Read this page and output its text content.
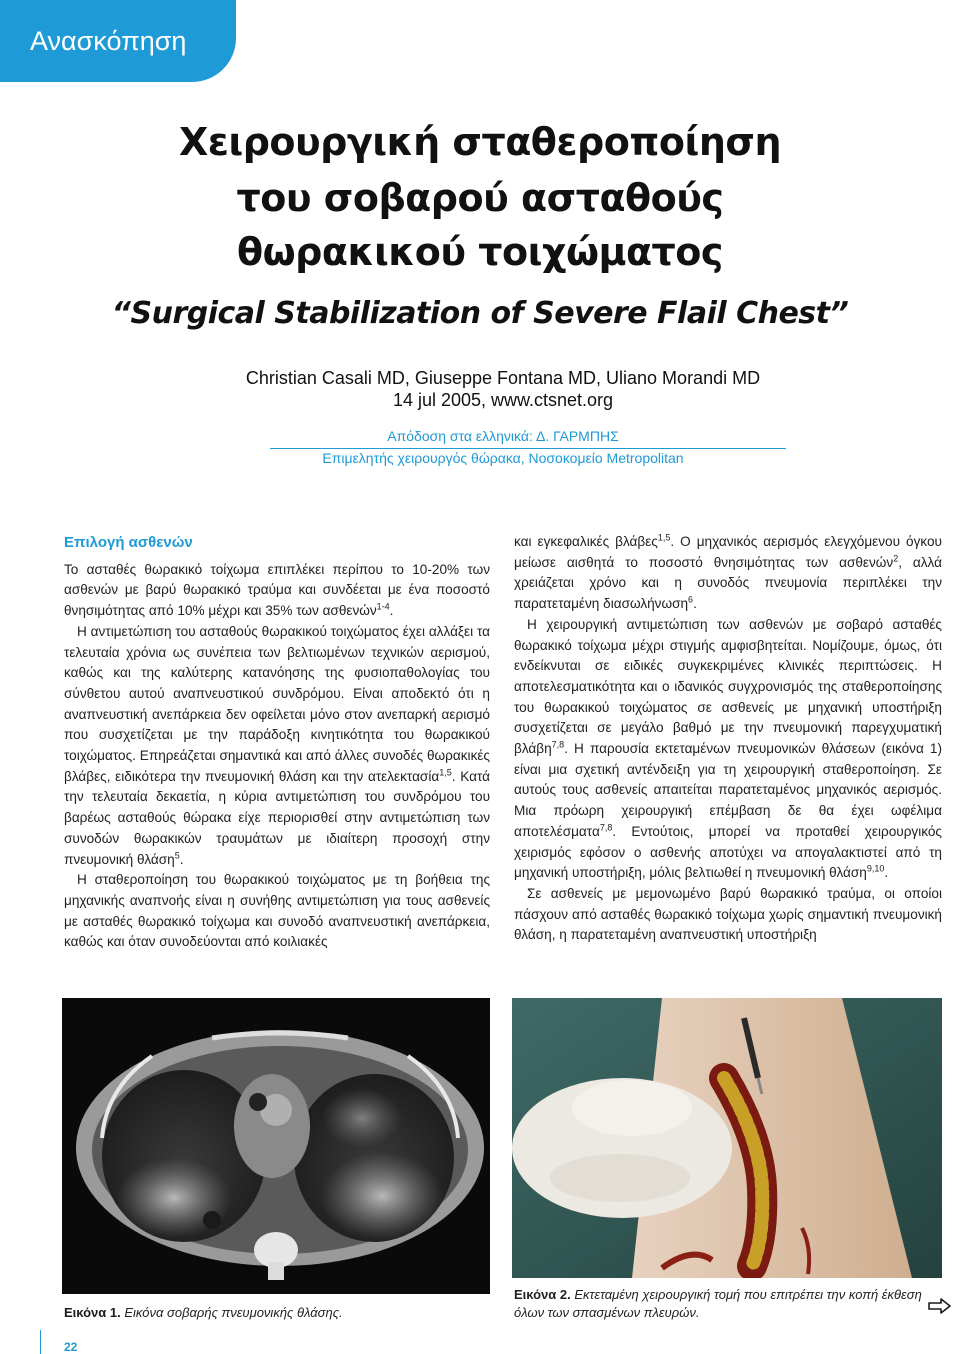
Ανασκόπηση
Χειρουργική σταθεροποίηση
του σοβαρού ασταθούς
θωρακικού τοιχώματος
“Surgical Stabilization of Severe Flail Chest”
Christian Casali MD, Giuseppe Fontana MD, Uliano Morandi MD
14 jul 2005, www.ctsnet.org
Απόδοση στα ελληνικά: Δ. ΓΑΡΜΠΗΣ
Επιμελητής χειρουργός θώρακα, Νοσοκομείο Metropolitan
Επιλογή ασθενών

Το ασταθές θωρακικό τοίχωμα επιπλέκει περίπου το 10-20% των ασθενών με βαρύ θωρακικό τραύμα και συνδέεται με ένα ποσοστό θνησιμότητας από 10% μέχρι και 35% των ασθενών$^{1-4}$.

Η αντιμετώπιση του ασταθούς θωρακικού τοιχώματος έχει αλλάξει τα τελευταία χρόνια ως συνέπεια των βελτιωμένων τεχνικών αερισμού, καθώς και της καλύτερης κατανόησης της φυσιοπαθολογίας του σύνθετου αυτού αναπνευστικού συνδρόμου. Είναι αποδεκτό ότι η αναπνευστική ανεπάρκεια δεν οφείλεται μόνο στον ανεπαρκή αερισμό που συσχετίζεται με την παράδοξη κινητικότητα του θωρακικού τοιχώματος. Επηρεάζεται σημαντικά και από άλλες συνοδές θωρακικές βλάβες, ειδικότερα την πνευμονική θλάση και την ατελεκτασία$^{1,5}$. Κατά την τελευταία δεκαετία, η κύρια αντιμετώπιση του συνδρόμου του βαρέως ασταθούς θώρακα είχε περιορισθεί στην αντιμετώπιση των συνοδών θωρακικών τραυμάτων με ιδιαίτερη προσοχή στην πνευμονική θλάση$^5$.

Η σταθεροποίηση του θωρακικού τοιχώματος με τη βοήθεια της μηχανικής αναπνοής είναι η συνήθης αντιμετώπιση για τους ασθενείς με ασταθές θωρακικό τοίχωμα και συνοδό αναπνευστική ανεπάρκεια, καθώς και όταν συνοδεύονται από κοιλιακές

και εγκεφαλικές βλάβες$^{1,5}$. Ο μηχανικός αερισμός ελεγχόμενου όγκου μείωσε αισθητά το ποσοστό θνησιμότητας των ασθενών$^2$, αλλά χρειάζεται χρόνο και η συνοδός πνευμονία περιπλέκει την παρατεταμένη διασωλήνωση$^6$.

Η χειρουργική αντιμετώπιση των ασθενών με σοβαρό ασταθές θωρακικό τοίχωμα μέχρι στιγμής αμφισβητείται. Νομίζουμε, όμως, ότι ενδείκνυται σε ειδικές συγκεκριμένες κλινικές περιπτώσεις. Η αποτελεσματικότητα και ο ιδανικός συγχρονισμός της σταθεροποίησης του θωρακικού τοιχώματος σε ασθενείς με μηχανική υποστήριξη συσχετίζεται σε μεγάλο βαθμό με την πνευμονική παρεγχυματική βλάβη$^{7,8}$. Η παρουσία εκτεταμένων πνευμονικών θλάσεων (εικόνα 1) είναι μια σχετική αντένδειξη για τη χειρουργική σταθεροποίηση. Σε αυτούς τους ασθενείς απαιτείται παρατεταμένος μηχανικός αερισμός. Μια πρόωρη χειρουργική επέμβαση δε θα έχει ωφέλιμα αποτελέσματα$^{7,8}$. Εντούτοις, μπορεί να προταθεί χειρουργικός χειρισμός εφόσον ο ασθενής αποτύχει να απογαλακτιστεί από τη μηχανική υποστήριξη, μόλις βελτιωθεί η πνευμονική θλάση$^{9,10}$.

Σε ασθενείς με μεμονωμένο βαρύ θωρακικό τραύμα, οι οποίοι πάσχουν από ασταθές θωρακικό τοίχωμα χωρίς σημαντική πνευμονική θλάση, η παρατεταμένη αναπνευστική υποστήριξη

Εικόνα 1. Εικόνα σοβαρής πνευμονικής θλάσης.
Εικόνα 2. Εκτεταμένη χειρουργική τομή που επιτρέπει την κοπή έκθεση όλων των σπασμένων πλευρών.
22
